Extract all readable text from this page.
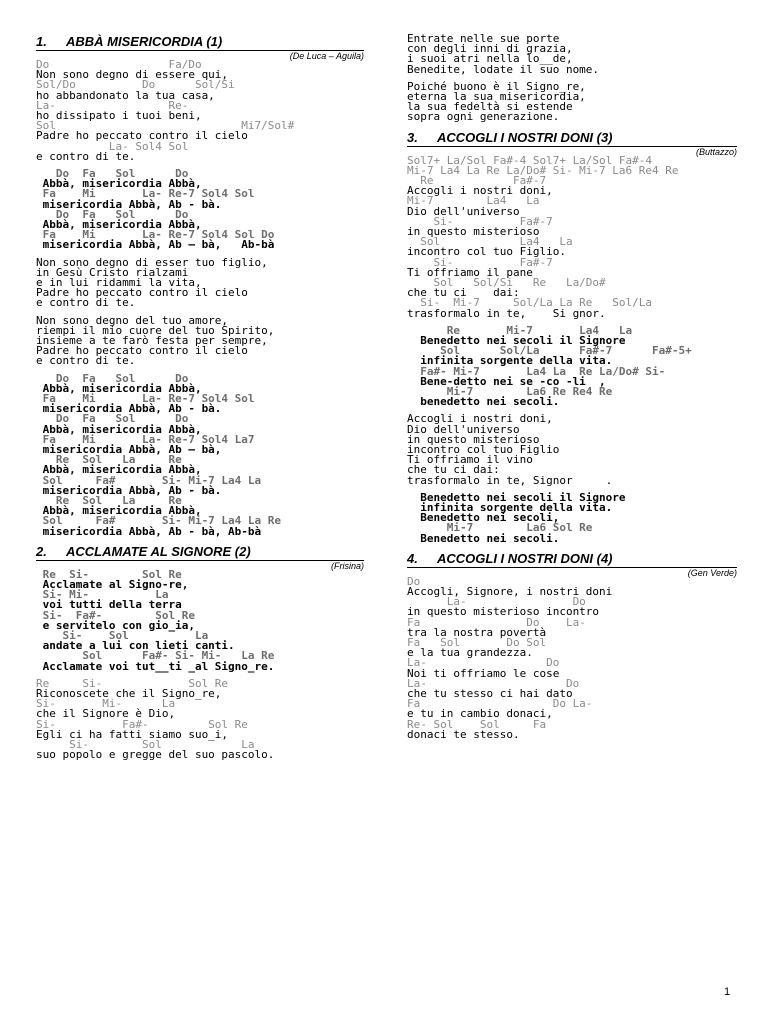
1. ABBÀ MISERICORDIA (1)
(De Luca – Aguila)
Do                  Fa/Do
Non sono degno di essere qui,
Sol/Do          Do      Sol/Si
ho abbandonato la tua casa,
La-                 Re-
ho dissipato i tuoi beni,
Sol                            Mi7/Sol#
Padre ho peccato contro il cielo
La- Sol4 Sol
e contro di te.
Do  Fa   Sol      Do
Abbà, misericordia Abbà,
Fa    Mi       La- Re-7 Sol4 Sol
misericordia Abbà, Ab - bà.
Do  Fa   Sol      Do
Abbà, misericordia Abbà,
Fa    Mi       La- Re-7 Sol4 Sol Do
misericordia Abbà, Ab – bà,   Ab-bà
Non sono degno di esser tuo figlio,
in Gesù Cristo rialzami
e in lui ridammi la vita,
Padre ho peccato contro il cielo
e contro di te.
Non sono degno del tuo amore,
riempi il mio cuore del tuo Spirito,
insieme a te farò festa per sempre,
Padre ho peccato contro il cielo
e contro di te.
Do  Fa   Sol      Do
Abbà, misericordia Abbà,
Fa    Mi       La- Re-7 Sol4 Sol
misericordia Abbà, Ab - bà.
Do  Fa   Sol      Do
Abbà, misericordia Abbà,
Fa    Mi       La- Re-7 Sol4 La7
misericordia Abbà, Ab – bà,
Re  Sol   La     Re
Abbà, misericordia Abbà,
Sol     Fa#       Si- Mi-7 La4 La
misericordia Abbà, Ab - bà.
Re  Sol   La     Re
Abbà, misericordia Abbà,
Sol     Fa#       Si- Mi-7 La4 La Re
misericordia Abbà, Ab - bà, Ab-bà
2. ACCLAMATE AL SIGNORE (2)
(Frisina)
Re  Si-        Sol Re
Acclamate al Signo-re,
Si- Mi-          La
voi tutti della terra
Si-  Fa#-        Sol Re
e servitelo con gio_ia,
Si-    Sol          La
andate a lui con lieti canti.
Sol      Fa#- Si- Mi-   La Re
Acclamate voi tut__ti _al Signo_re.
Re     Si-             Sol Re
Riconoscete che il Signo_re,
Si-       Mi-      La
che il Signore è Dio,
Si-          Fa#-         Sol Re
Egli ci ha fatti siamo suo_i,
Si-        Sol            La
suo popolo e gregge del suo pascolo.
Entrate nelle sue porte
con degli inni di grazia,
i suoi atri nella lo__de,
Benedite, lodate il suo nome.
Poiché buono è il Signo_re,
eterna la sua misericordia,
la sua fedeltà si estende
sopra ogni generazione.
3. ACCOGLI I NOSTRI DONI (3)
(Buttazzo)
Sol7+ La/Sol Fa#-4 Sol7+ La/Sol Fa#-4
Mi-7 La4 La Re La/Do# Si- Mi-7 La6 Re4 Re
Re            Fa#-7
Accogli i nostri doni,
Mi-7        La4   La
Dio dell'universo
Si-          Fa#-7
in questo misterioso
Sol            La4   La
incontro col tuo Figlio.
Si-          Fa#-7
Ti offriamo il pane
Sol   Sol/Si   Re   La/Do#
che tu ci    dai:
Si-  Mi-7     Sol/La La Re   Sol/La
trasformalo in te,    Si gnor.
Re       Mi-7       La4   La
Benedetto nei secoli il Signore
Sol      Sol/La      Fa#-7      Fa#-5+
infinita sorgente della vita.
Fa#- Mi-7       La4 La  Re La/Do# Si-
Bene-detto nei se -co -li  ,
Mi-7        La6 Re Re4 Re
benedetto nei secoli.
Accogli i nostri doni,
Dio dell'universo
in questo misterioso
incontro col tuo Figlio
Ti offriamo il vino
che tu ci dai:
trasformalo in te, Signor     .
Benedetto nei secoli il Signore
infinita sorgente della vita.
Benedetto nei secoli,
Mi-7        La6 Sol Re
Benedetto nei secoli.
4. ACCOGLI I NOSTRI DONI (4)
(Gen Verde)
Do
Accogli, Signore, i nostri doni
La-                Do
in questo misterioso incontro
Fa                Do    La-
tra la nostra povertà
Fa   Sol       Do Sol
e la tua grandezza.
La-                  Do
Noi ti offriamo le cose
La-                     Do
che tu stesso ci hai dato
Fa                    Do La-
e tu in cambio donaci,
Re- Sol    Sol     Fa
donaci te stesso.
1
